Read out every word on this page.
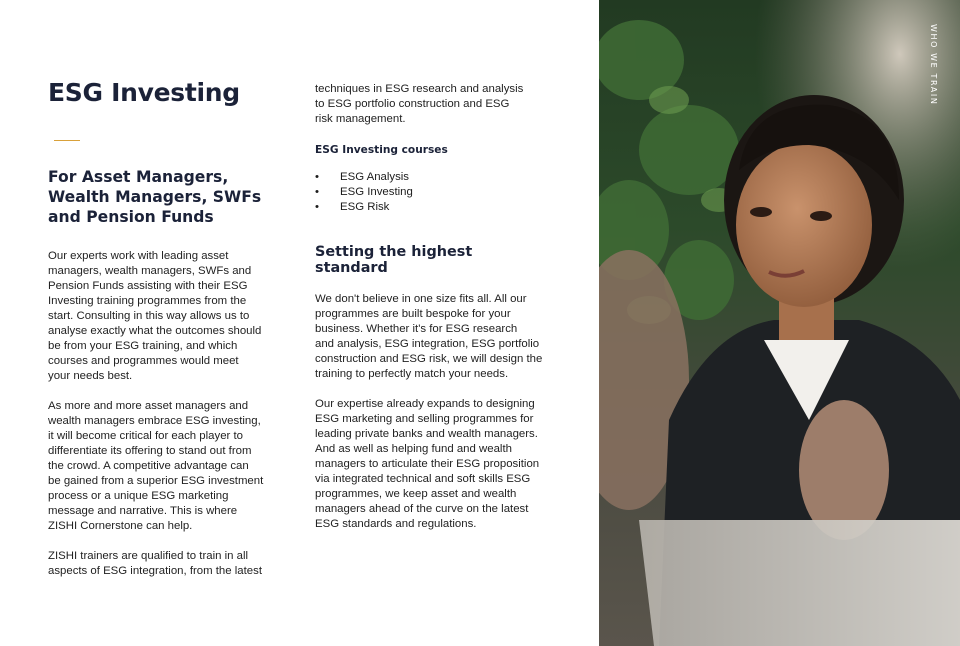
ESG Investing
For Asset Managers,
Wealth Managers, SWFs
and Pension Funds

Our experts work with leading asset
managers, wealth managers, SWFs and
Pension Funds assisting with their ESG
Investing training programmes from the
start. Consulting in this way allows us to
analyse exactly what the outcomes should
be from your ESG training, and which
courses and programmes would meet
your needs best.

As more and more asset managers and
wealth managers embrace ESG investing,
it will become critical for each player to
differentiate its offering to stand out from
the crowd. A competitive advantage can
be gained from a superior ESG investment
process or a unique ESG marketing
message and narrative. This is where
ZISHI Cornerstone can help.

ZISHI trainers are qualified to train in all
aspects of ESG integration, from the latest

techniques in ESG research and analysis
to ESG portfolio construction and ESG
risk management.

ESG Investing courses
•	ESG Analysis
•	ESG Investing
•	ESG Risk
Setting the highest standard

We don't believe in one size fits all. All our
programmes are built bespoke for your
business. Whether it's for ESG research
and analysis, ESG integration, ESG portfolio
construction and ESG risk, we will design the
training to perfectly match your needs.

Our expertise already expands to designing
ESG marketing and selling programmes for
leading private banks and wealth managers.
And as well as helping fund and wealth
managers to articulate their ESG proposition
via integrated technical and soft skills ESG
programmes, we keep asset and wealth
managers ahead of the curve on the latest
ESG standards and regulations.

WHO WE TRAIN
